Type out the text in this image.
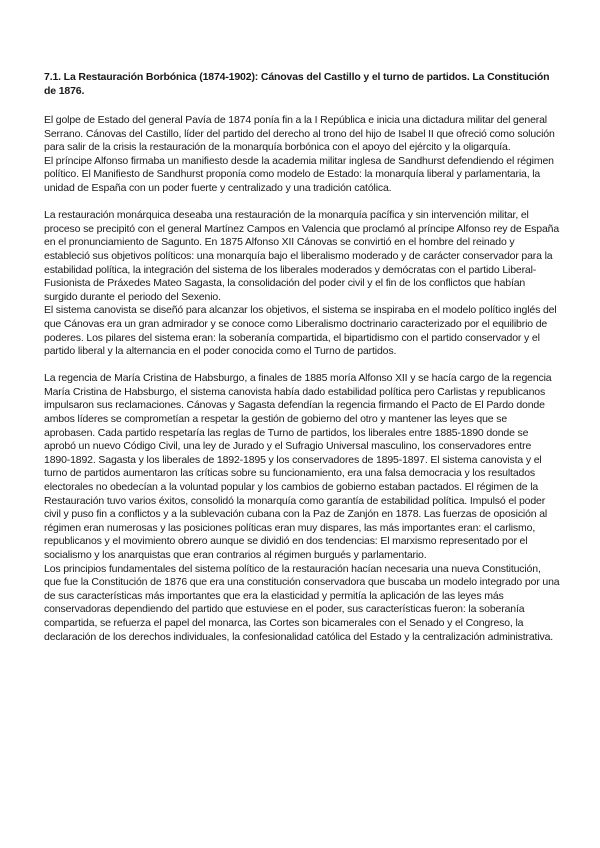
7.1. La Restauración Borbónica (1874-1902): Cánovas del Castillo y el turno de partidos. La Constitución de 1876.

El golpe de Estado del general Pavía de 1874 ponía fin a la I República e inicia una dictadura militar del general Serrano. Cánovas del Castillo, líder del partido del derecho al trono del hijo de Isabel II que ofreció como solución para salir de la crisis la restauración de la monarquía borbónica con el apoyo del ejército y la oligarquía.

El príncipe Alfonso firmaba un manifiesto desde la academia militar inglesa de Sandhurst defendiendo el régimen político. El Manifiesto de Sandhurst proponía como modelo de Estado: la monarquía liberal y parlamentaria, la unidad de España con un poder fuerte y centralizado y una tradición católica.

La restauración monárquica deseaba una restauración de la monarquía pacífica y sin intervención militar, el proceso se precipitó con el general Martínez Campos en Valencia que proclamó al príncipe Alfonso rey de España en el pronunciamiento de Sagunto. En 1875 Alfonso XII Cánovas se convirtió en el hombre del reinado y estableció sus objetivos políticos: una monarquía bajo el liberalismo moderado y de carácter conservador para la estabilidad política, la integración del sistema de los liberales moderados y demócratas con el partido Liberal-Fusionista de Práxedes Mateo Sagasta, la consolidación del poder civil y el fin de los conflictos que habían surgido durante el periodo del Sexenio.

El sistema canovista se diseñó para alcanzar los objetivos, el sistema se inspiraba en el modelo político inglés del que Cánovas era un gran admirador y se conoce como Liberalismo doctrinario caracterizado por el equilibrio de poderes. Los pilares del sistema eran: la soberanía compartida, el bipartidismo con el partido conservador y el partido liberal y la alternancia en el poder conocida como el Turno de partidos.

La regencia de María Cristina de Habsburgo, a finales de 1885 moría Alfonso XII y se hacía cargo de la regencia María Cristina de Habsburgo, el sistema canovista había dado estabilidad política pero Carlistas y republicanos impulsaron sus reclamaciones. Cánovas y Sagasta defendían la regencia firmando el Pacto de El Pardo donde ambos líderes se comprometían a respetar la gestión de gobierno del otro y mantener las leyes que se aprobasen. Cada partido respetaría las reglas de Turno de partidos, los liberales entre 1885-1890 donde se aprobó un nuevo Código Civil, una ley de Jurado y el Sufragio Universal masculino, los conservadores entre 1890-1892. Sagasta y los liberales de 1892-1895 y los conservadores de 1895-1897. El sistema canovista y el turno de partidos aumentaron las críticas sobre su funcionamiento, era una falsa democracia y los resultados electorales no obedecían a la voluntad popular y los cambios de gobierno estaban pactados. El régimen de la Restauración tuvo varios éxitos, consolidó la monarquía como garantía de estabilidad política. Impulsó el poder civil y puso fin a conflictos y a la sublevación cubana con la Paz de Zanjón en 1878. Las fuerzas de oposición al régimen eran numerosas y las posiciones políticas eran muy dispares, las más importantes eran: el carlismo, republicanos y el movimiento obrero aunque se dividió en dos tendencias: El marxismo representado por el socialismo y los anarquistas que eran contrarios al régimen burgués y parlamentario.

Los principios fundamentales del sistema político de la restauración hacían necesaria una nueva Constitución, que fue la Constitución de 1876 que era una constitución conservadora que buscaba un modelo integrado por una de sus características más importantes que era la elasticidad y permitía la aplicación de las leyes más conservadoras dependiendo del partido que estuviese en el poder, sus características fueron: la soberanía compartida, se refuerza el papel del monarca, las Cortes son bicamerales con el Senado y el Congreso, la declaración de los derechos individuales, la confesionalidad católica del Estado y la centralización administrativa.
